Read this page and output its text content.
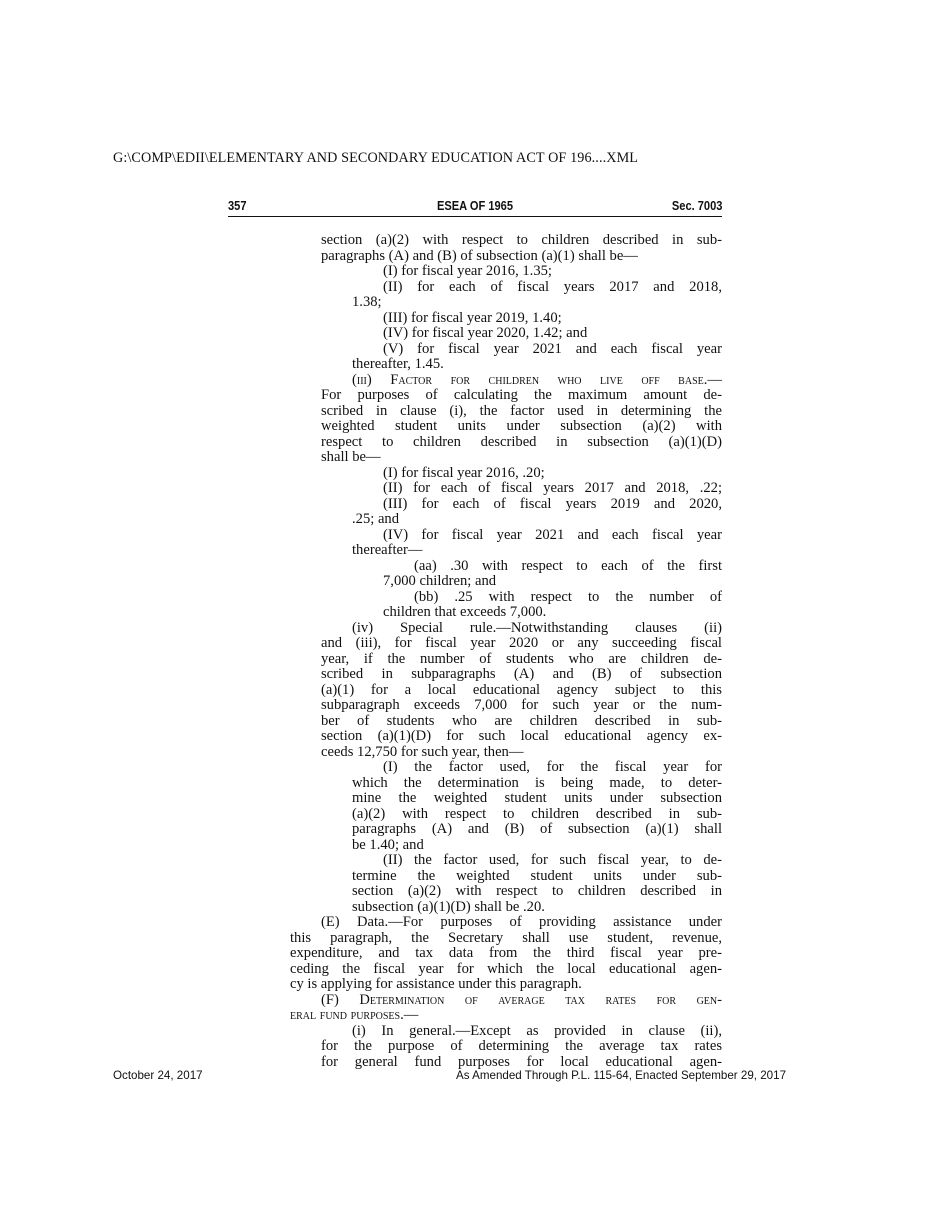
G:\COMP\EDII\ELEMENTARY AND SECONDARY EDUCATION ACT OF 196....XML
357	ESEA OF 1965	Sec. 7003
section (a)(2) with respect to children described in sub-
paragraphs (A) and (B) of subsection (a)(1) shall be—
(I) for fiscal year 2016, 1.35;
(II) for each of fiscal years 2017 and 2018,
1.38;
(III) for fiscal year 2019, 1.40;
(IV) for fiscal year 2020, 1.42; and
(V) for fiscal year 2021 and each fiscal year
thereafter, 1.45.
(iii) Factor for children who live off base.—
For purposes of calculating the maximum amount de-
scribed in clause (i), the factor used in determining the
weighted student units under subsection (a)(2) with
respect to children described in subsection (a)(1)(D)
shall be—
(I) for fiscal year 2016, .20;
(II) for each of fiscal years 2017 and 2018, .22;
(III) for each of fiscal years 2019 and 2020,
.25; and
(IV) for fiscal year 2021 and each fiscal year
thereafter—
(aa) .30 with respect to each of the first
7,000 children; and
(bb) .25 with respect to the number of
children that exceeds 7,000.
(iv) Special rule.—Notwithstanding clauses (ii)
and (iii), for fiscal year 2020 or any succeeding fiscal
year, if the number of students who are children de-
scribed in subparagraphs (A) and (B) of subsection
(a)(1) for a local educational agency subject to this
subparagraph exceeds 7,000 for such year or the num-
ber of students who are children described in sub-
section (a)(1)(D) for such local educational agency ex-
ceeds 12,750 for such year, then—
(I) the factor used, for the fiscal year for
which the determination is being made, to deter-
mine the weighted student units under subsection
(a)(2) with respect to children described in sub-
paragraphs (A) and (B) of subsection (a)(1) shall
be 1.40; and
(II) the factor used, for such fiscal year, to de-
termine the weighted student units under sub-
section (a)(2) with respect to children described in
subsection (a)(1)(D) shall be .20.
(E) Data.—For purposes of providing assistance under
this paragraph, the Secretary shall use student, revenue,
expenditure, and tax data from the third fiscal year pre-
ceding the fiscal year for which the local educational agen-
cy is applying for assistance under this paragraph.
(F) Determination of average tax rates for gen-
eral fund purposes.—
(i) In general.—Except as provided in clause (ii),
for the purpose of determining the average tax rates
for general fund purposes for local educational agen-
October 24, 2017	As Amended Through P.L. 115-64, Enacted September 29, 2017
